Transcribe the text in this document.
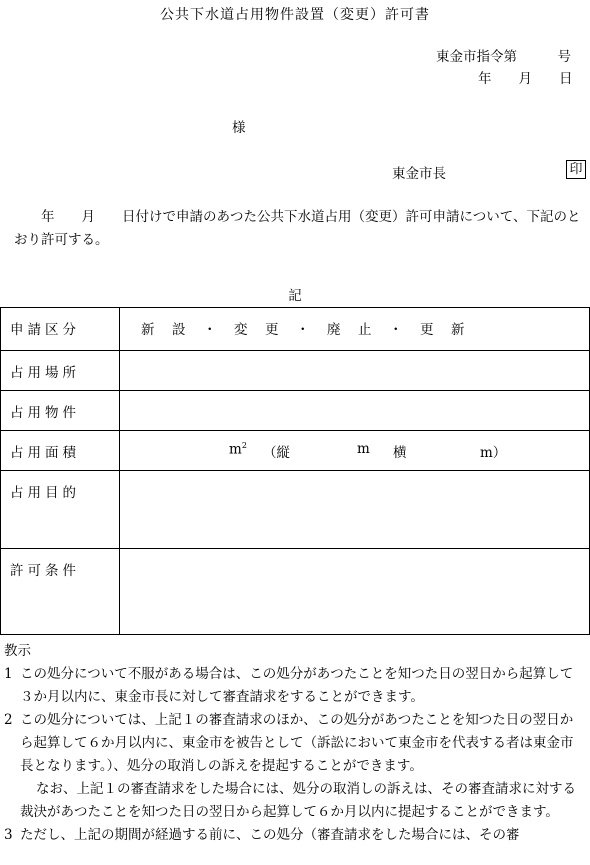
公共下水道占用物件設置（変更）許可書
東金市指令第　　　号
年　　月　　日
様
東金市長	印
　　年　　月　　日付けで申請のあつた公共下水道占用（変更）許可申請について、下記のとおり許可する。
記
申請区分	新　設　・　変　更　・　廃　止　・　更　新
占用場所	
占用物件	
占用面積	$m^2$ （縦 m 横 m）

占用目的	
許可条件	
教示
1 この処分について不服がある場合は、この処分があつたことを知つた日の翌日から起算して３か月以内に、東金市長に対して審査請求をすることができます。
2 この処分については、上記１の審査請求のほか、この処分があつたことを知つた日の翌日から起算して６か月以内に、東金市を被告として（訴訟において東金市を代表する者は東金市長となります。）、処分の取消しの訴えを提起することができます。
なお、上記１の審査請求をした場合には、処分の取消しの訴えは、その審査請求に対する裁決があつたことを知つた日の翌日から起算して６か月以内に提起することができます。
3 ただし、上記の期間が経過する前に、この処分（審査請求をした場合には、その審
